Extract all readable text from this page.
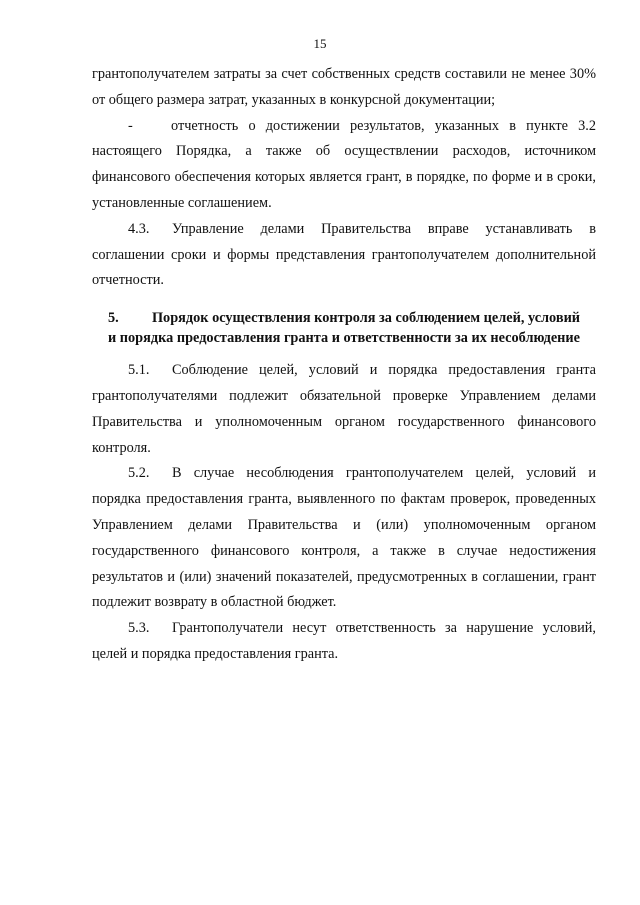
15

грантополучателем затраты за счет собственных средств составили не менее 30% от общего размера затрат, указанных в конкурсной документации;

-	отчетность о достижении результатов, указанных в пункте 3.2 настоящего Порядка, а также об осуществлении расходов, источником финансового обеспечения которых является грант, в порядке, по форме и в сроки, установленные соглашением.

4.3. Управление делами Правительства вправе устанавливать в соглашении сроки и формы представления грантополучателем дополнительной отчетности.

5. Порядок осуществления контроля за соблюдением целей, условий
и порядка предоставления гранта и ответственности за их несоблюдение

5.1. Соблюдение целей, условий и порядка предоставления гранта грантополучателями подлежит обязательной проверке Управлением делами Правительства и уполномоченным органом государственного финансового контроля.

5.2. В случае несоблюдения грантополучателем целей, условий и порядка предоставления гранта, выявленного по фактам проверок, проведенных Управлением делами Правительства и (или) уполномоченным органом государственного финансового контроля, а также в случае недостижения результатов и (или) значений показателей, предусмотренных в соглашении, грант подлежит возврату в областной бюджет.

5.3. Грантополучатели несут ответственность за нарушение условий, целей и порядка предоставления гранта.
